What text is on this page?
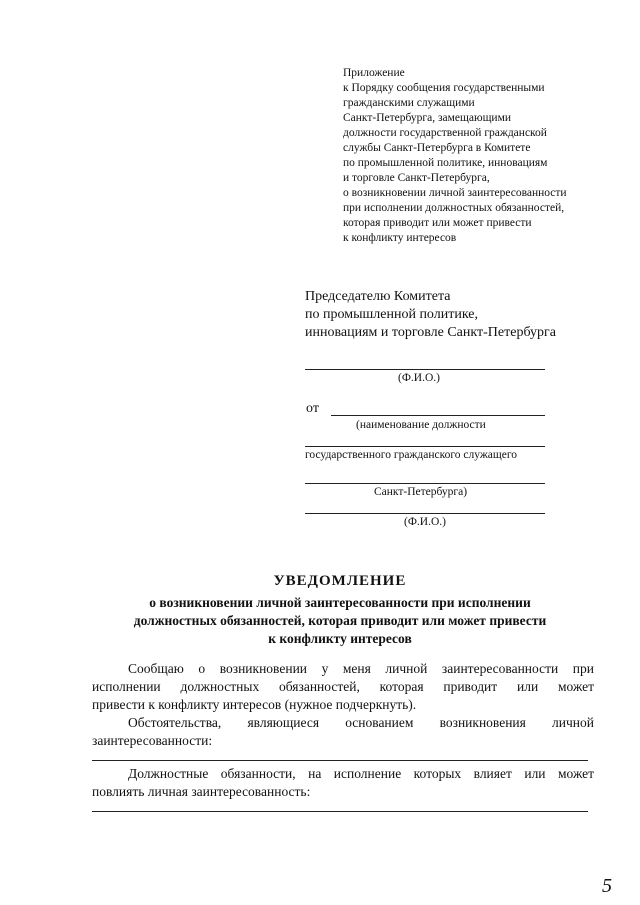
Приложение
к Порядку сообщения государственными
гражданскими служащими
Санкт-Петербурга, замещающими
должности государственной гражданской
службы Санкт-Петербурга в Комитете
по промышленной политике, инновациям
и торговле Санкт-Петербурга,
о возникновении личной заинтересованности
при исполнении должностных обязанностей,
которая приводит или может привести
к конфликту интересов
Председателю Комитета
по промышленной политике,
инновациям и торговле Санкт-Петербурга
(Ф.И.О.)
от
(наименование должности
государственного гражданского служащего
Санкт-Петербурга)
(Ф.И.О.)
УВЕДОМЛЕНИЕ
о возникновении личной заинтересованности при исполнении
должностных обязанностей, которая приводит или может привести
к конфликту интересов
Сообщаю о возникновении у меня личной заинтересованности при
исполнении должностных обязанностей, которая приводит или может
привести к конфликту интересов (нужное подчеркнуть).
Обстоятельства, являющиеся основанием возникновения личной
заинтересованности:
Должностные обязанности, на исполнение которых влияет или может
повлиять личная заинтересованность:
5
